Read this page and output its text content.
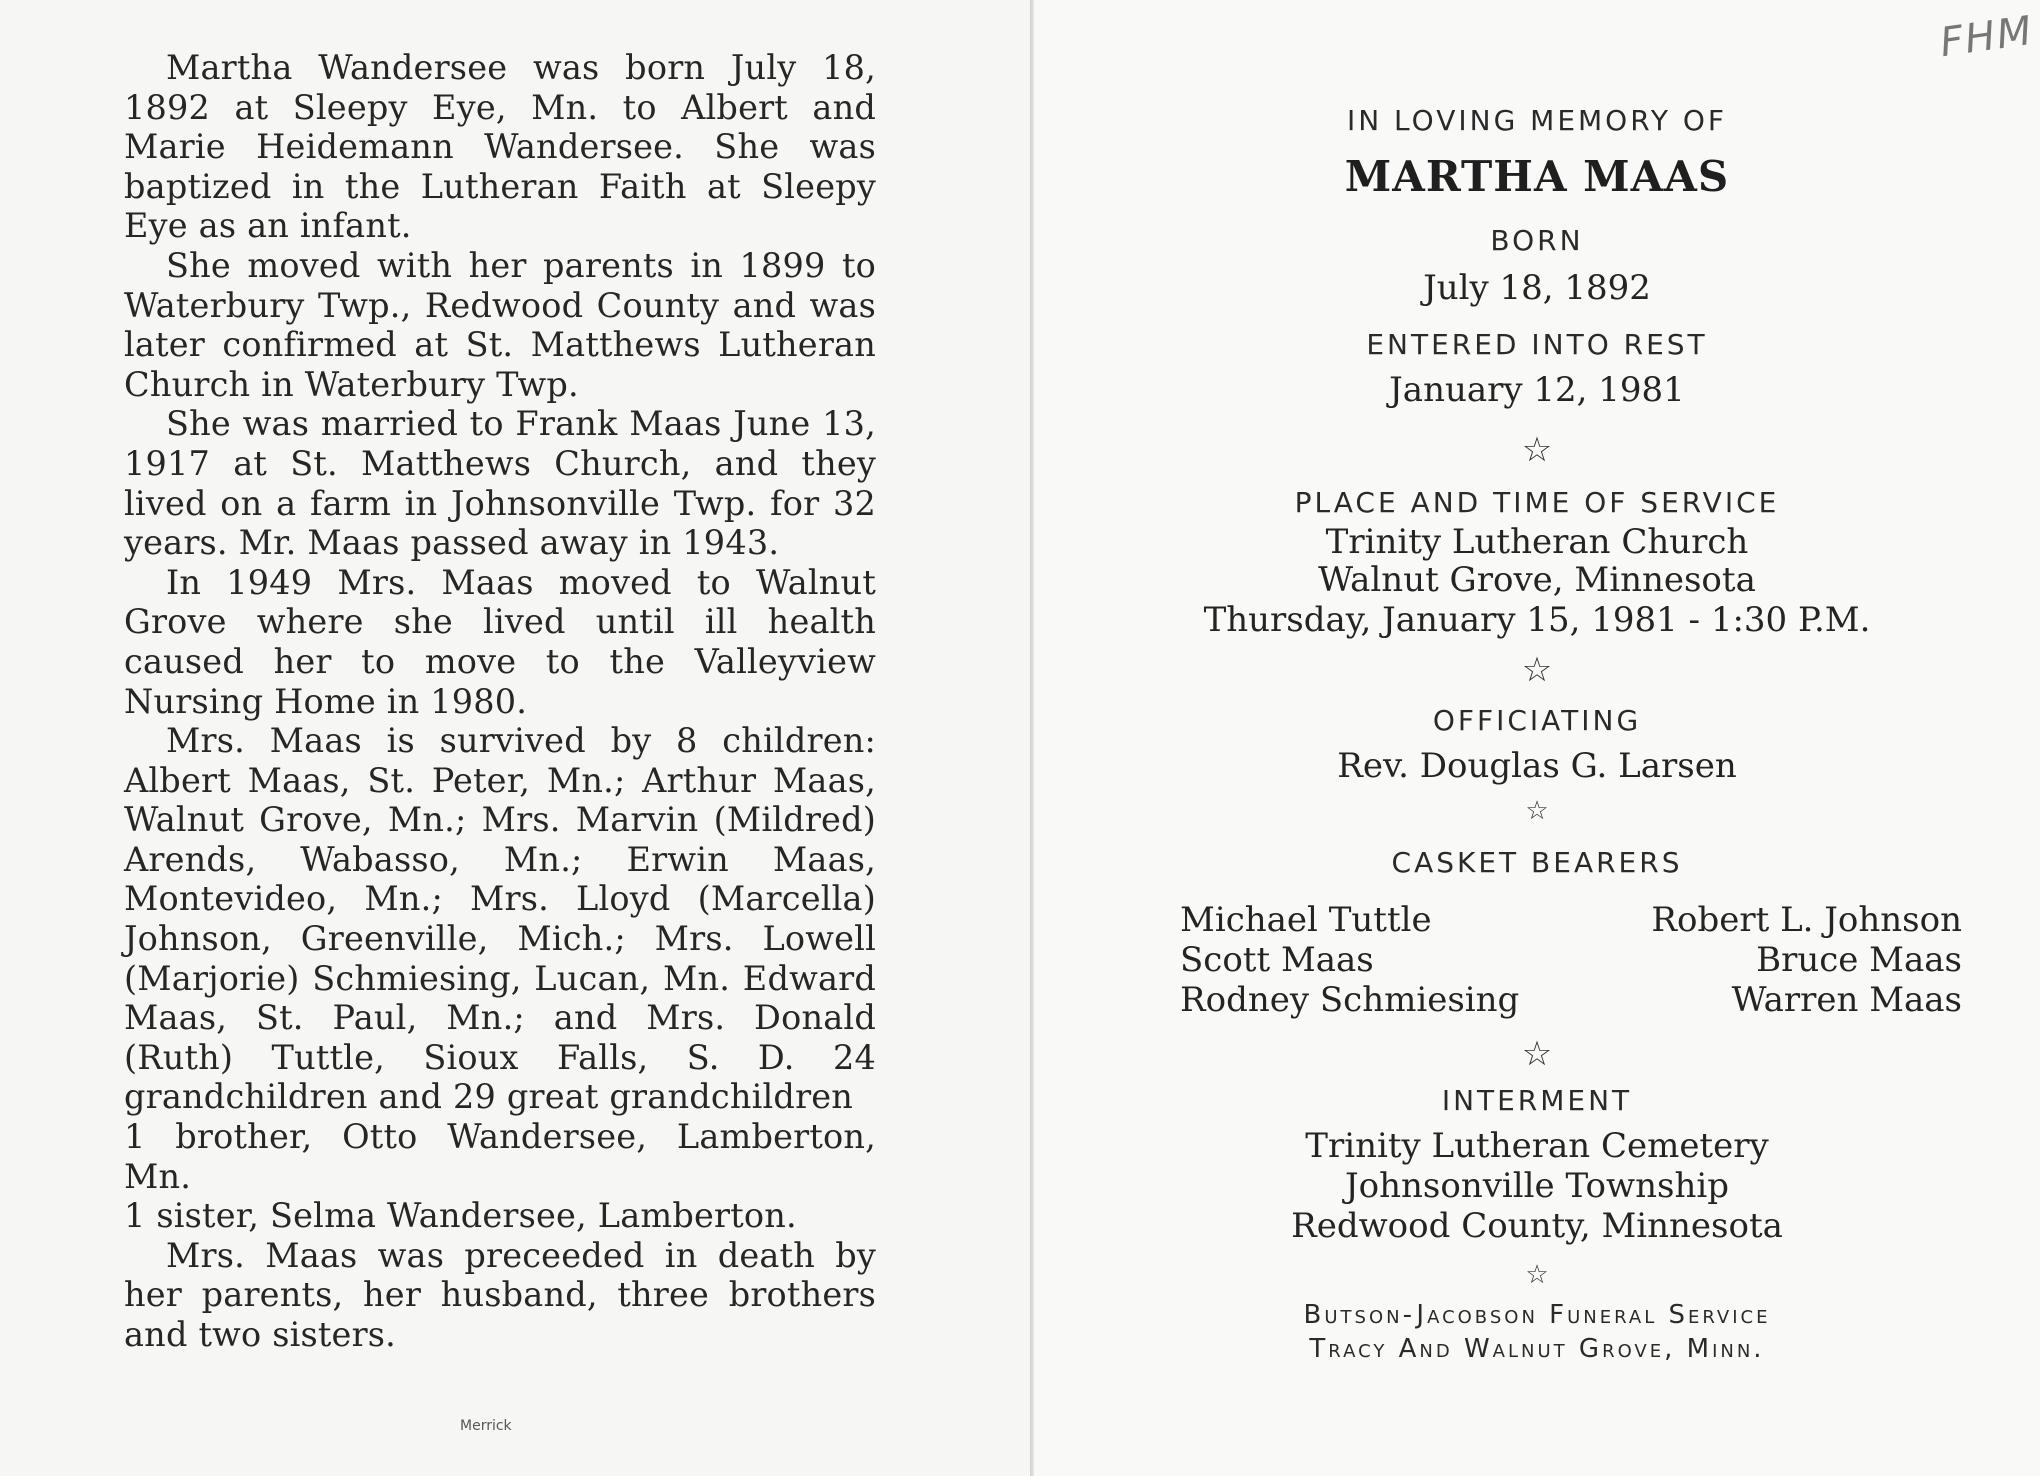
Martha Wandersee was born July 18, 1892 at Sleepy Eye, Mn. to Albert and Marie Heidemann Wandersee. She was baptized in the Lutheran Faith at Sleepy Eye as an infant.

She moved with her parents in 1899 to Waterbury Twp., Redwood County and was later confirmed at St. Matthews Lutheran Church in Waterbury Twp.

She was married to Frank Maas June 13, 1917 at St. Matthews Church, and they lived on a farm in Johnsonville Twp. for 32 years. Mr. Maas passed away in 1943.

In 1949 Mrs. Maas moved to Walnut Grove where she lived until ill health caused her to move to the Valleyview Nursing Home in 1980.

Mrs. Maas is survived by 8 children: Albert Maas, St. Peter, Mn.; Arthur Maas, Walnut Grove, Mn.; Mrs. Marvin (Mildred) Arends, Wabasso, Mn.; Erwin Maas, Montevideo, Mn.; Mrs. Lloyd (Marcella) Johnson, Greenville, Mich.; Mrs. Lowell (Marjorie) Schmiesing, Lucan, Mn. Edward Maas, St. Paul, Mn.; and Mrs. Donald (Ruth) Tuttle, Sioux Falls, S. D. 24 grandchildren and 29 great grandchildren

1 brother, Otto Wandersee, Lamberton, Mn.

1 sister, Selma Wandersee, Lamberton.

Mrs. Maas was preceeded in death by her parents, her husband, three brothers and two sisters.

Merrick
IN LOVING MEMORY OF
MARTHA MAAS
BORN
July 18, 1892
ENTERED INTO REST
January 12, 1981
☆
PLACE AND TIME OF SERVICE
Trinity Lutheran Church
Walnut Grove, Minnesota
Thursday, January 15, 1981 - 1:30 P.M.
☆
OFFICIATING
Rev. Douglas G. Larsen
☆
CASKET BEARERS
Michael Tuttle
Scott Maas
Rodney Schmiesing
Robert L. Johnson
Bruce Maas
Warren Maas
☆
INTERMENT
Trinity Lutheran Cemetery
Johnsonville Township
Redwood County, Minnesota
☆
Butson-Jacobson Funeral Service
Tracy And Walnut Grove, Minn.
FHM
